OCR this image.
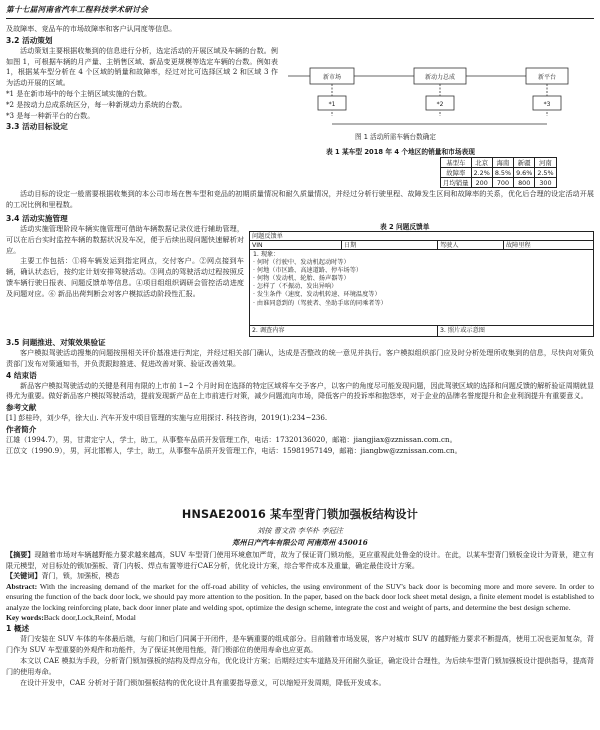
第十七届河南省汽车工程科技学术研讨会

及故障率、竞品车的市场故障率和客户认同度等信息。

3.2 活动策划

活动策划主要根据收集到的信息进行分析，选定活动的开展区域及车辆的台数。例如图 1，可根据车辆的月产量、主销售区域、新品变更规模等选定车辆的台数。例如表 1，根据某车型分析在 4 个区域的销量和故障率，经过对比可选择区域 2 和区域 3 作为活动开展的区域。

*1 是在新市场中的每个主销区域实施的台数。

*2 是按动力总成系统区分，每一种新规动力系统的台数。

*3 是每一种新平台的台数。

3.3 活动目标设定

新市场	新动力总成	新平台
*1	*2	*3
图 1 活动所需车辆台数确定
表 1 某车型 2018 年 4 个地区的销量和市场表现
基型车	北京	海南	新疆	河南
故障率	2.2%	8.5%	9.6%	2.5%
月均销量	200	700	800	300

活动目标的设定一般需要根据收集到的本公司市场在售车型和竞品的初期质量情况和耐久质量情况，并经过分析行驶里程、故障发生区间和故障率的关系，优化后合理的设定活动开展的工况比例和里程数。

3.4 活动实施管理

活动实施管理阶段车辆实施管理可借助车辆数据记录仪进行辅助管理，可以在后台实时监控车辆的数据状况及车况，便于后续出现问题快速解析对应。

主要工作包括：①将车辆发运到指定网点，交付客户。②网点接到车辆，确认状态后，按约定计划安排驾驶活动。③网点的驾驶活动过程按照反馈车辆行驶日报表、问题反馈单等信息。④项目组组织调研会管控活动进度及问题对应。⑥ 新品出荷判断会对客户模拟活动阶段性汇报。

表 2 问题反馈单
问题反馈单
VIN	日期	驾驶人	故障里程
1. 现象：
· 何时（行驶中、发动机起动时等）
· 何地（市区路、高速道路、停车场等）
· 何物（发动机、轮胎、扬声器等）
· 怎样了（不振动、发出异响）
· 发生条件（速度、发动机转速、环境温度等）
· 由谁同意到的（驾驶者、坐助手席的同乘者等）
2. 调查内容	3. 照片或示意图

3.5 问题推进、对策效果验证

客户模拟驾驶活动搜集的问题按照相关评价基准进行判定，并经过相关部门确认，达成是否整改的统一意见并执行。客户模拟组织部门应及时分析处理所收集到的信息，尽快向对策负责部门发布对策通知书，并负责跟踪推进、促进改善对策、验证改善效果。

4 结束语

新品客户模拟驾驶活动的关键是利用有限的上市前 1~2 个月时间在选择的特定区域将车交予客户，以客户的角度尽可能发现问题，因此驾驶区域的选择和问题反馈的解析验证周期就显得尤为重要。做好新品客户模拟驾驶活动，提前发现新产品在上市前进行对策，减少问题流向市场，降低客户的投诉率和抱怨率，对于企业的品牌名誉度提升和企业利润提升有重要意义。

参考文献

[1] 彭桂玲，刘少华，徐大山. 汽车开发中项目管理的实施与应用探讨. 科技咨询，2019(1):234~236.

作者简介

江雄（1994.7），男，甘肃定宁人，学士，助工，从事整车品质开发管理工作，电话：17320136020，邮箱：jiangjiax@zznissan.com.cn。

江苡文（1990.9），男，河北邯郸人，学士，助工，从事整车品质开发管理工作，电话：15981957149，邮箱：jiangbw@zznissan.com.cn。

HNSAE20016 某车型背门锁加强板结构设计
刘按 曹文浩 李华朴 李冠注
郑州日产汽车有限公司 河南郑州 450016

【摘要】现随着市场对车辆越野能力要求越来越高，SUV 车型背门使用环境愈加严苛，故为了保证背门锁功能，更应重视此处鲁金的设计。在此，以某车型背门锁板金设计为背景，建立有限元模型，对目标处的锁加强板、背门内板、焊点布置等进行CAE分析，优化设计方案，综合零件成本及重量，确定最佳设计方案。

【关键词】背门，锁，加强板，模态

Abstract: With the increasing demand of the market for the off-road ability of vehicles, the using environment of the SUV's back door is becoming more and more severe. In order to ensuring the function of the back door lock, we should pay more attention to the position. In the paper, based on the back door lock sheet metal design, a finite element model is established to analyze the locking reinforcing plate, back door inner plate and welding spot, optimize the design scheme, integrate the cost and weight of parts, and determine the best design scheme.

Key words:Back door,Lock,Reinf, Modal

1 概述

背门安装在 SUV 车体的车体最后端，与前门和后门同属于开闭件，是车辆重要的组成部分。目前随着市场发展，客户对城市 SUV 的越野能力要求不断提高，使用工况也更加复杂，背门作为 SUV 车型重要的外观件和功能件，为了保证其使用性能，背门锁部位的使用寿命也应更高。

本文以 CAE 模拟为手段，分析背门锁加强板的结构及焊点分布，优化设计方案；后期经过实车道路及开闭耐久验证，确定设计合理性，为后续车型背门锁加强板设计提供指导，提高背门的使用寿命。

在设计开发中，CAE 分析对于背门锁加强板结构的优化设计具有重要指导意义，可以缩短开发周期，降低开发成本。
